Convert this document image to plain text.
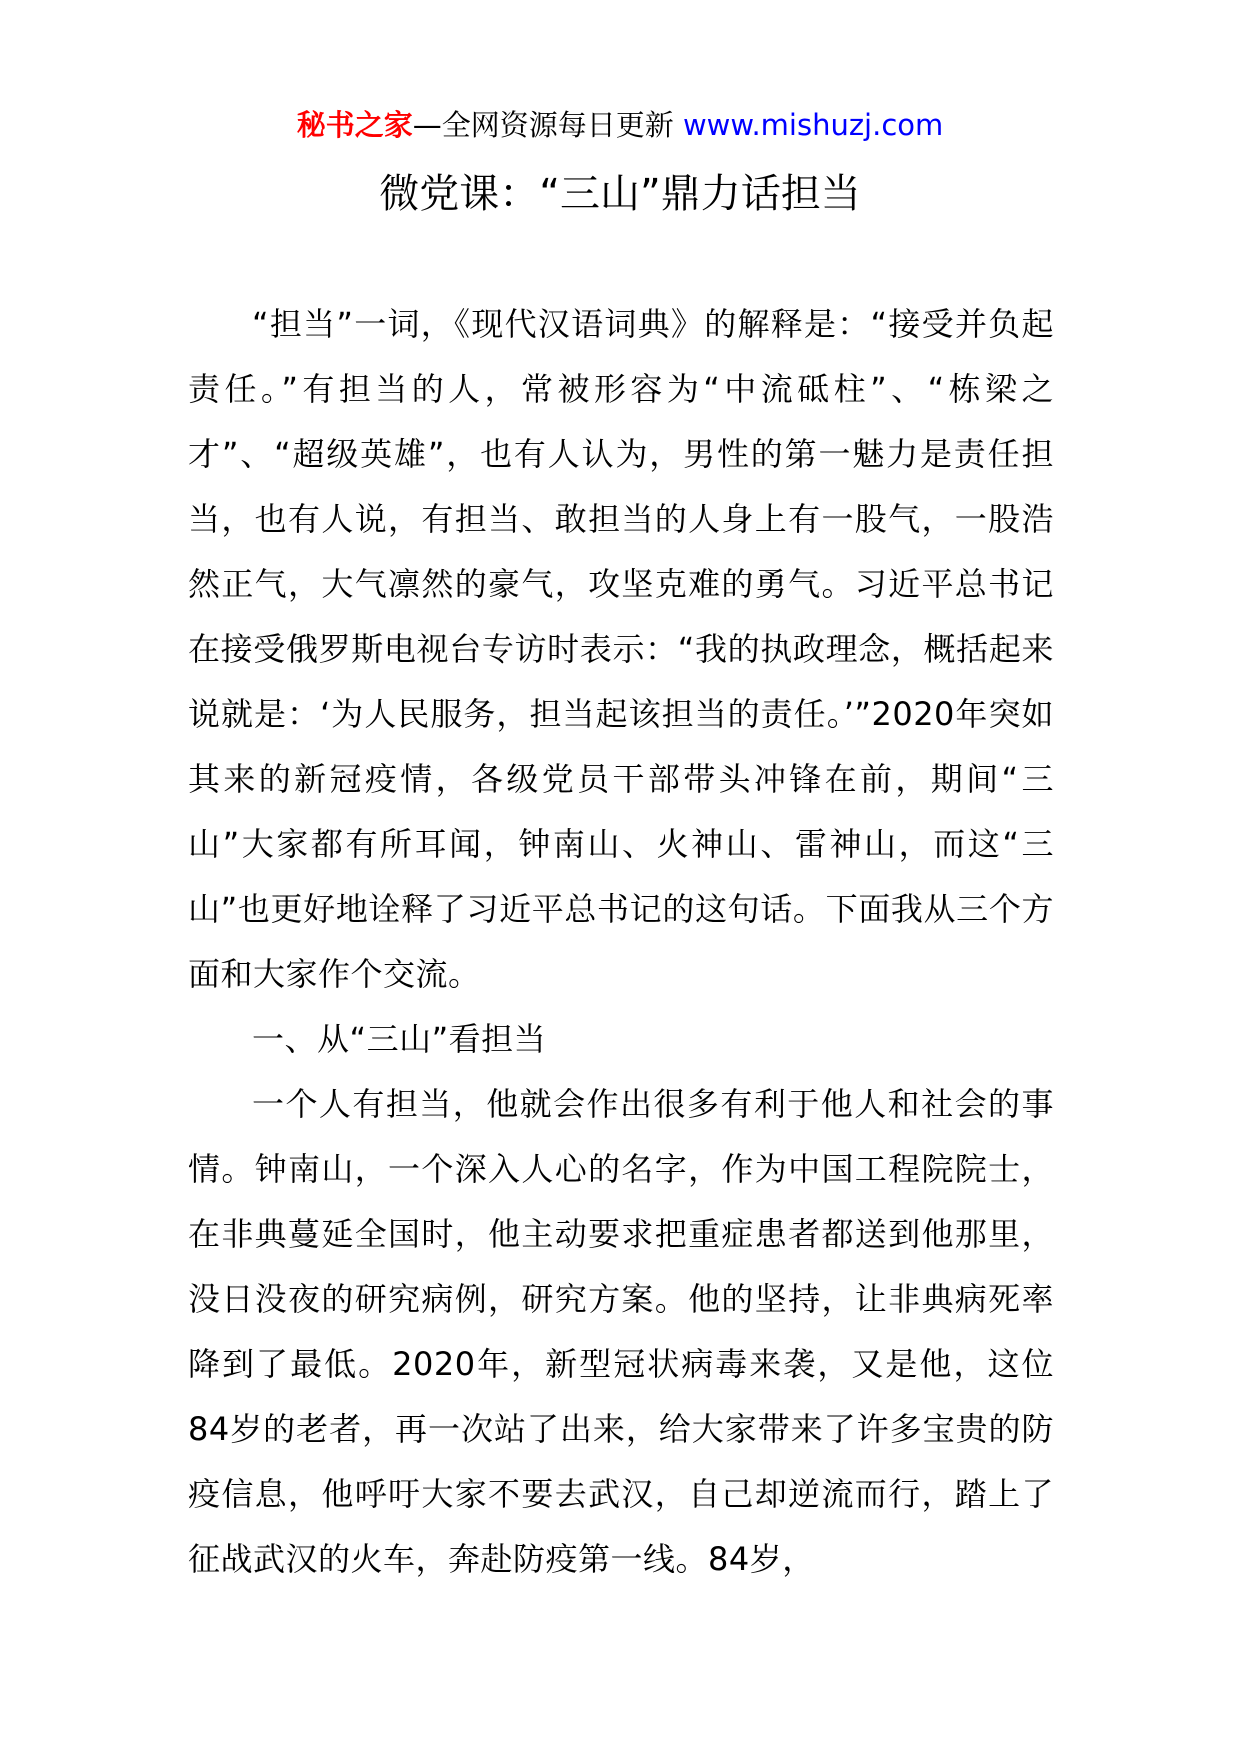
秘书之家—全网资源每日更新 www.mishuzj.com
微党课：“三山”鼎力话担当

“担当”一词，《现代汉语词典》的解释是：“接受并负起责任。”有担当的人，常被形容为“中流砥柱”、“栋梁之才”、“超级英雄”，也有人认为，男性的第一魅力是责任担当，也有人说，有担当、敢担当的人身上有一股气，一股浩然正气，大气凛然的豪气，攻坚克难的勇气。习近平总书记在接受俄罗斯电视台专访时表示：“我的执政理念，概括起来说就是：‘为人民服务，担当起该担当的责任。’”2020年突如其来的新冠疫情，各级党员干部带头冲锋在前，期间“三山”大家都有所耳闻，钟南山、火神山、雷神山，而这“三山”也更好地诠释了习近平总书记的这句话。下面我从三个方面和大家作个交流。

一、从“三山”看担当

一个人有担当，他就会作出很多有利于他人和社会的事情。钟南山，一个深入人心的名字，作为中国工程院院士，在非典蔓延全国时，他主动要求把重症患者都送到他那里，没日没夜的研究病例，研究方案。他的坚持，让非典病死率降到了最低。2020年，新型冠状病毒来袭，又是他，这位84岁的老者，再一次站了出来，给大家带来了许多宝贵的防疫信息，他呼吁大家不要去武汉，自己却逆流而行，踏上了征战武汉的火车，奔赴防疫第一线。84岁，
